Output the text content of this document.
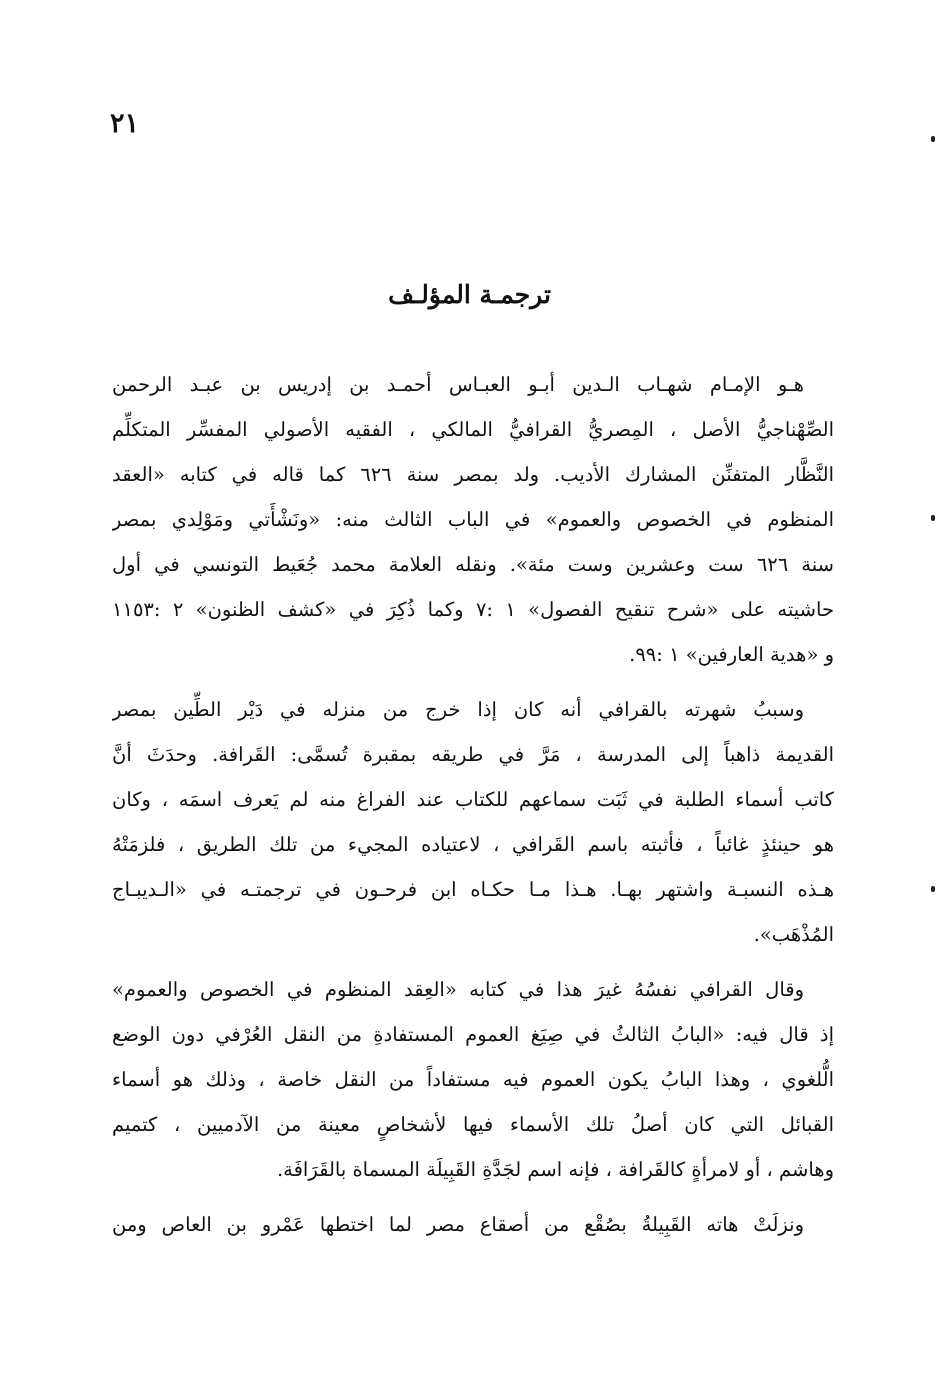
٢١
ترجمـة المؤلـف
هـو الإمـام شهـاب الـدين أبـو العبـاس أحمـد بن إدريس بن عبـد الرحمن
الصِّهْناجيُّ الأصل ، المِصريُّ القرافيُّ المالكي ، الفقيه الأصولي المفسِّر المتكلِّم
النَّظَّار المتفنِّن المشارك الأديب. ولد بمصر سنة ٦٢٦ كما قاله في كتابه «العقد
المنظوم في الخصوص والعموم» في الباب الثالث منه: «ونَشْأَتي ومَوْلِدي بمصر
سنة ٦٢٦ ست وعشرين وست مئة». ونقله العلامة محمد جُعَيط التونسي في أول
حاشيته على «شرح تنقيح الفصول» ١ :٧ وكما ذُكِرَ في «كشف الظنون» ٢ :١١٥٣
و «هدية العارفين» ١ :٩٩.
وسببُ شهرته بالقرافي أنه كان إذا خرج من منزله في دَيْر الطِّين بمصر
القديمة ذاهباً إلى المدرسة ، مَرَّ في طريقه بمقبرة تُسمَّى: القَرافة. وحدَثَ أنَّ
كاتب أسماء الطلبة في ثَبَت سماعهم للكتاب عند الفراغ منه لم يَعرف اسمَه ، وكان
هو حينئذٍ غائباً ، فأثبته باسم القَرافي ، لاعتياده المجيء من تلك الطريق ، فلزمَتْهُ
هـذه النسبـة واشتهر بهـا. هـذا مـا حكـاه ابن فرحـون في ترجمتـه في «الـديبـاج
المُذْهَب».
وقال القرافي نفسُهُ غيرَ هذا في كتابه «العِقد المنظوم في الخصوص والعموم»
إذ قال فيه: «البابُ الثالثُ في صِيَغ العموم المستفادةِ من النقل العُرْفي دون الوضع
الُّلغوي ، وهذا البابُ يكون العموم فيه مستفاداً من النقل خاصة ، وذلك هو أسماء
القبائل التي كان أصلُ تلك الأسماء فيها لأشخاصٍ معينة من الآدميين ، كتميم
وهاشم ، أو لامرأةٍ كالقَرافة ، فإنه اسم لجَدَّةِ القَبِيلَة المسماة بالقَرَافَة.
ونزلَتْ هاته القَبِيلةُ بصُقْع من أصقاع مصر لما اختطها عَمْرو بن العاص ومن
